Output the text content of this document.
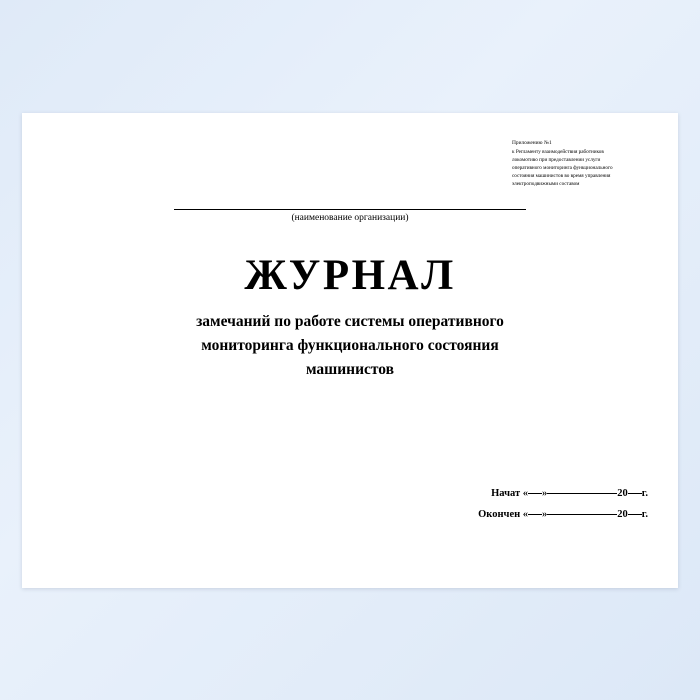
Приложению №1
к Регламенту взаимодействия работников
локомотиво при предоставлении услуги
оперативного мониторинга функционального
состояния машинистов во время управления
электроподвижными составом
(наименование организации)
ЖУРНАЛ
замечаний по работе системы оперативного
мониторинга функционального состояния
машинистов
Начат « »	20 г.
Окончен « »	20 г.
